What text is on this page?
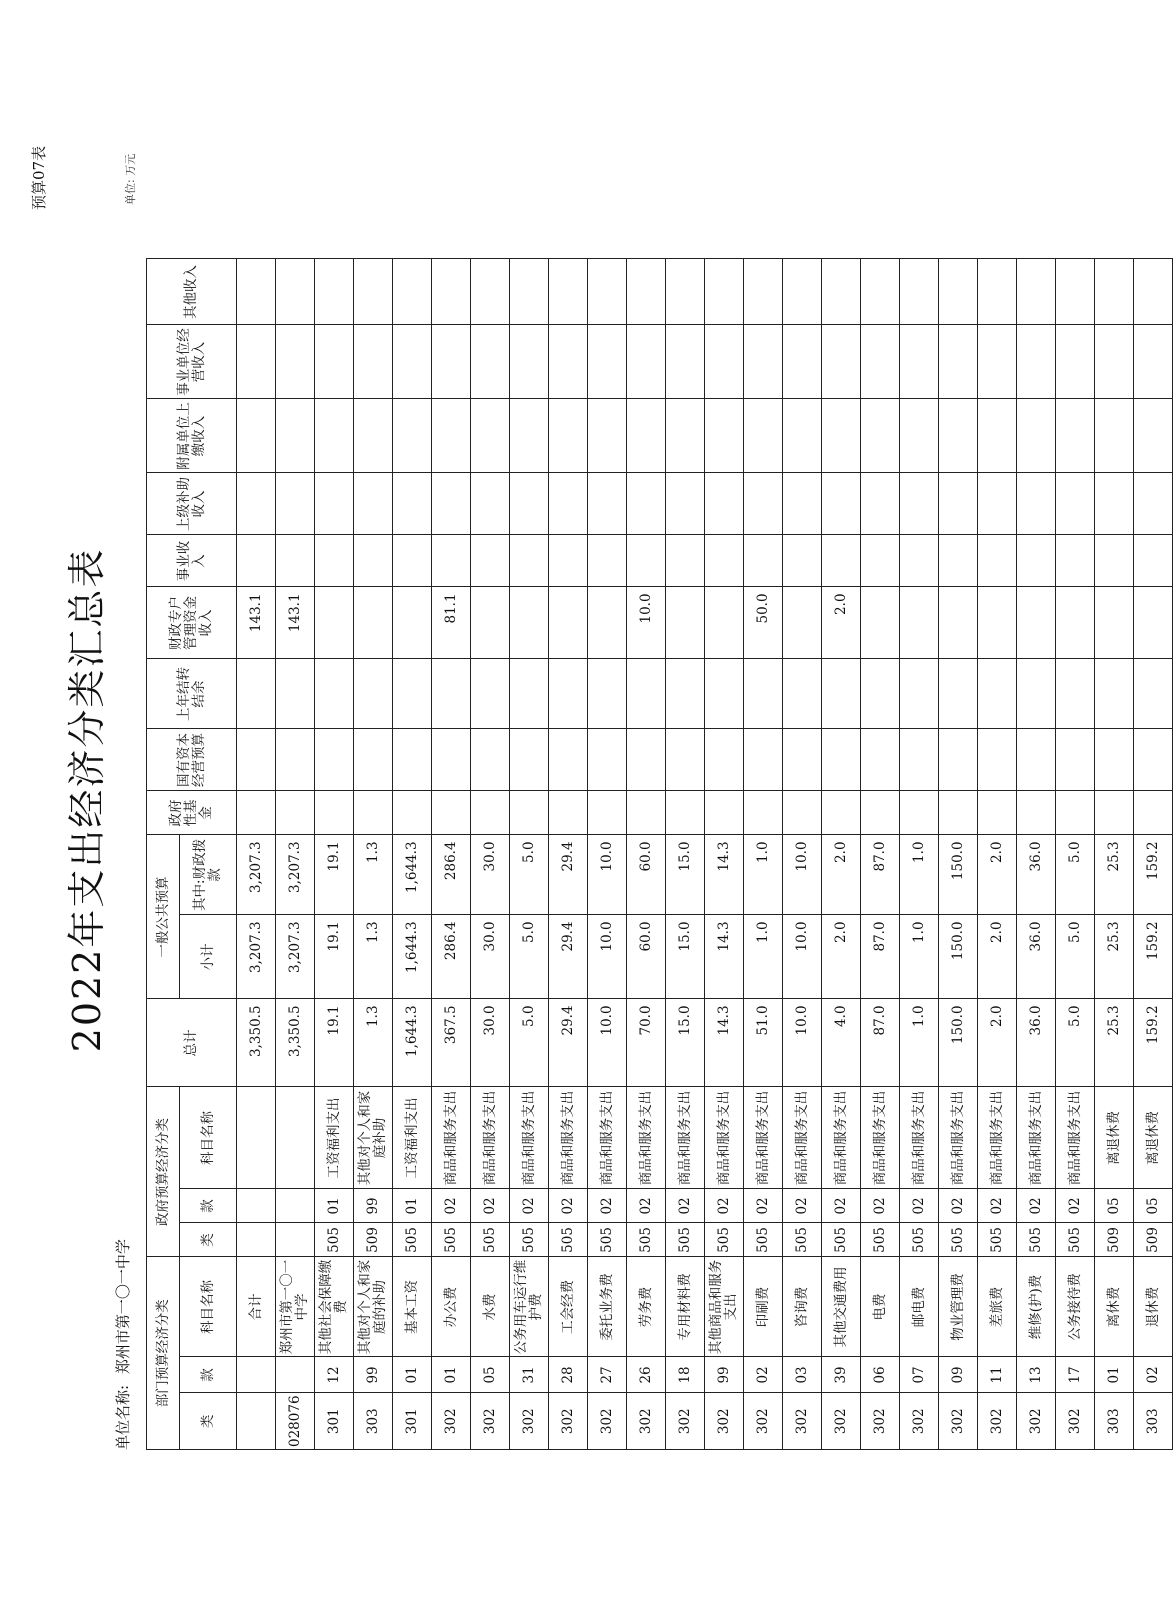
2022年支出经济分类汇总表
预算07表
单位名称: 郑州市第一〇一中学
单位: 万元
部门预算经济分类			政府预算经济分类			总计	一般公共预算		政府性基金	国有资本经营预算	上年结转结余	财政专户管理资金收入	事业收入	上级补助收入	附属单位上缴收入	事业单位经营收入	其他收入
类	款	科目名称	类	款	科目名称		小计	其中:财政拨款									
		合计				3,350.5	3,207.3	3,207.3				143.1					
028076		郑州市第一〇一中学				3,350.5	3,207.3	3,207.3				143.1					
301	12	其他社会保障缴费	505	01	工资福利支出	19.1	19.1	19.1									
303	99	其他对个人和家庭的补助	509	99	其他对个人和家庭补助	1.3	1.3	1.3									
301	01	基本工资	505	01	工资福利支出	1,644.3	1,644.3	1,644.3									
302	01	办公费	505	02	商品和服务支出	367.5	286.4	286.4				81.1					
302	05	水费	505	02	商品和服务支出	30.0	30.0	30.0									
302	31	公务用车运行维护费	505	02	商品和服务支出	5.0	5.0	5.0									
302	28	工会经费	505	02	商品和服务支出	29.4	29.4	29.4									
302	27	委托业务费	505	02	商品和服务支出	10.0	10.0	10.0									
302	26	劳务费	505	02	商品和服务支出	70.0	60.0	60.0				10.0					
302	18	专用材料费	505	02	商品和服务支出	15.0	15.0	15.0									
302	99	其他商品和服务支出	505	02	商品和服务支出	14.3	14.3	14.3									
302	02	印刷费	505	02	商品和服务支出	51.0	1.0	1.0				50.0					
302	03	咨询费	505	02	商品和服务支出	10.0	10.0	10.0									
302	39	其他交通费用	505	02	商品和服务支出	4.0	2.0	2.0				2.0					
302	06	电费	505	02	商品和服务支出	87.0	87.0	87.0									
302	07	邮电费	505	02	商品和服务支出	1.0	1.0	1.0									
302	09	物业管理费	505	02	商品和服务支出	150.0	150.0	150.0									
302	11	差旅费	505	02	商品和服务支出	2.0	2.0	2.0									
302	13	维修(护)费	505	02	商品和服务支出	36.0	36.0	36.0									
302	17	公务接待费	505	02	商品和服务支出	5.0	5.0	5.0									
303	01	离休费	509	05	离退休费	25.3	25.3	25.3									
303	02	退休费	509	05	离退休费	159.2	159.2	159.2									
